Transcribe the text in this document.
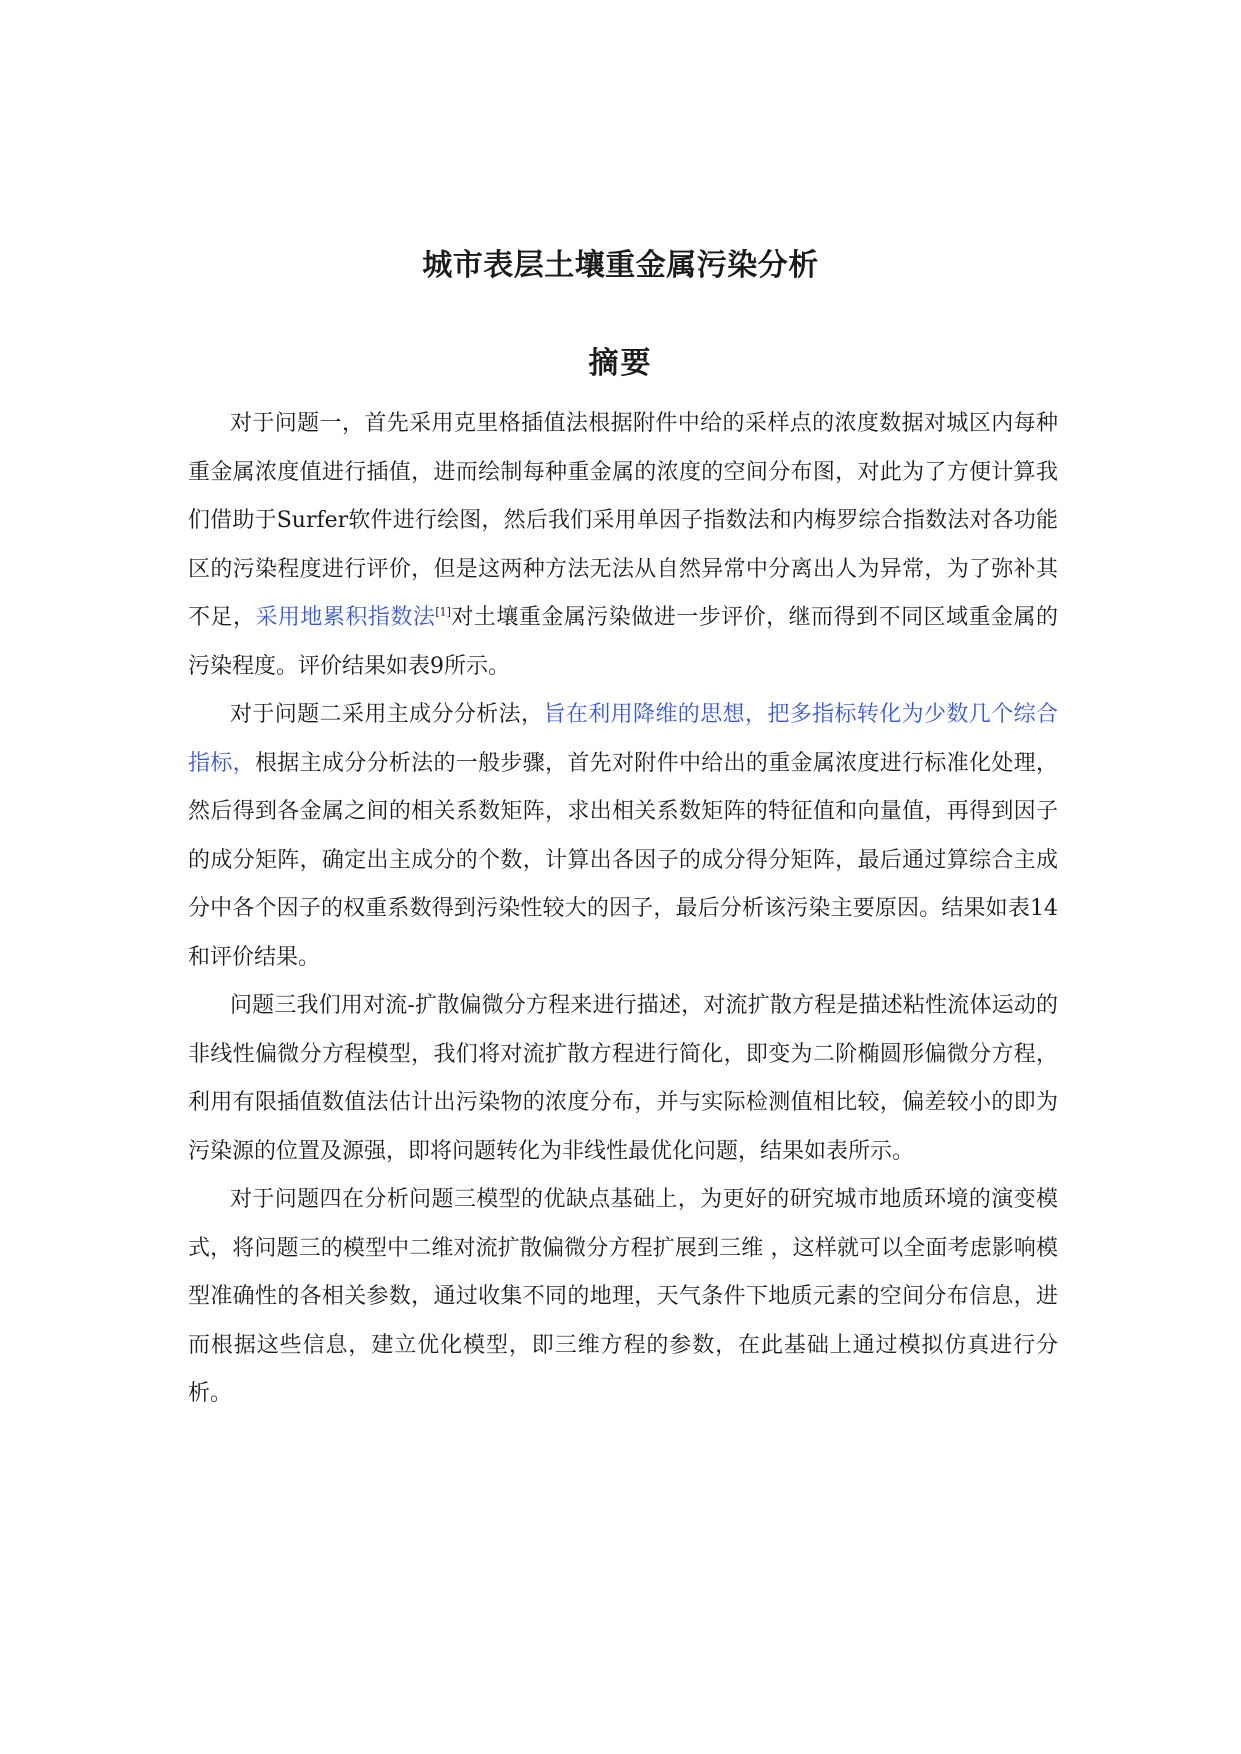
城市表层土壤重金属污染分析
摘要

对于问题一，首先采用克里格插值法根据附件中给的采样点的浓度数据对城区内每种重金属浓度值进行插值，进而绘制每种重金属的浓度的空间分布图，对此为了方便计算我们借助于Surfer软件进行绘图，然后我们采用单因子指数法和内梅罗综合指数法对各功能区的污染程度进行评价，但是这两种方法无法从自然异常中分离出人为异常，为了弥补其不足，采用地累积指数法[1]对土壤重金属污染做进一步评价，继而得到不同区域重金属的污染程度。评价结果如表9所示。

对于问题二采用主成分分析法，旨在利用降维的思想，把多指标转化为少数几个综合指标，根据主成分分析法的一般步骤，首先对附件中给出的重金属浓度进行标准化处理，然后得到各金属之间的相关系数矩阵，求出相关系数矩阵的特征值和向量值，再得到因子的成分矩阵，确定出主成分的个数，计算出各因子的成分得分矩阵，最后通过算综合主成分中各个因子的权重系数得到污染性较大的因子，最后分析该污染主要原因。结果如表14和评价结果。

问题三我们用对流-扩散偏微分方程来进行描述，对流扩散方程是描述粘性流体运动的非线性偏微分方程模型，我们将对流扩散方程进行简化，即变为二阶椭圆形偏微分方程，利用有限插值数值法估计出污染物的浓度分布，并与实际检测值相比较，偏差较小的即为污染源的位置及源强，即将问题转化为非线性最优化问题，结果如表所示。

对于问题四在分析问题三模型的优缺点基础上，为更好的研究城市地质环境的演变模式，将问题三的模型中二维对流扩散偏微分方程扩展到三维 ，这样就可以全面考虑影响模型准确性的各相关参数，通过收集不同的地理，天气条件下地质元素的空间分布信息，进而根据这些信息，建立优化模型，即三维方程的参数，在此基础上通过模拟仿真进行分析。
